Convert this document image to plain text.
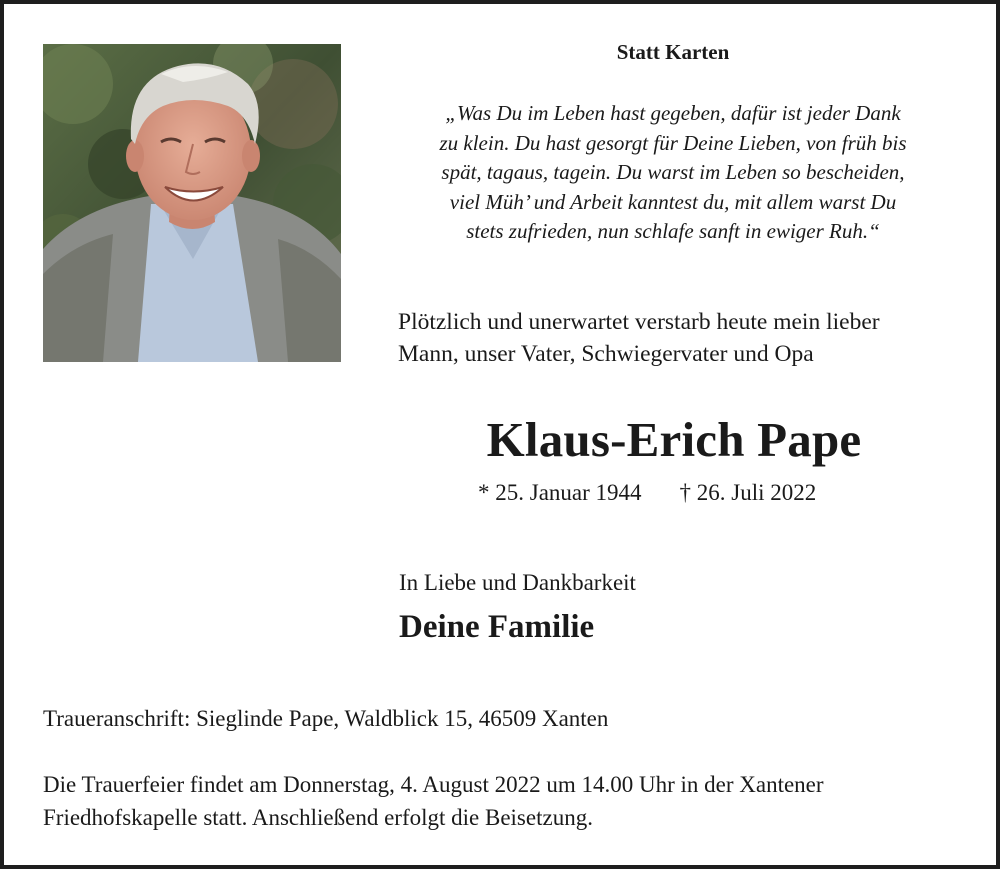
Statt Karten
„Was Du im Leben hast gegeben, dafür ist jeder Dank
zu klein. Du hast gesorgt für Deine Lieben, von früh bis
spät, tagaus, tagein. Du warst im Leben so bescheiden,
viel Müh’ und Arbeit kanntest du, mit allem warst Du
stets zufrieden, nun schlafe sanft in ewiger Ruh.“
Plötzlich und unerwartet verstarb heute mein lieber
Mann, unser Vater, Schwiegervater und Opa
Klaus-Erich Pape
* 25. Januar 1944 † 26. Juli 2022
In Liebe und Dankbarkeit
Deine Familie
Traueranschrift: Sieglinde Pape, Waldblick 15, 46509 Xanten
Die Trauerfeier findet am Donnerstag, 4. August 2022 um 14.00 Uhr in der Xantener
Friedhofskapelle statt. Anschließend erfolgt die Beisetzung.
